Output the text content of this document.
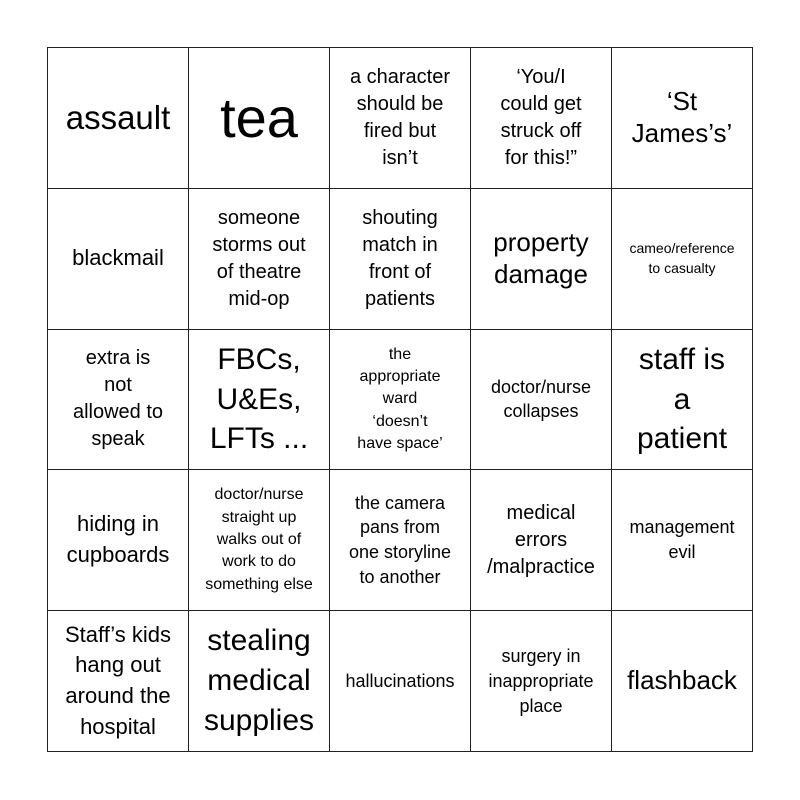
assault tea
a character
should be
fired but
isn’t
‘You/I
could get
struck off
for this!”
‘St
James’s’
blackmail
someone
storms out
of theatre
mid-op
shouting
match in
front of
patients
property
damage
cameo/reference
to casualty
extra is
not
allowed to
speak
FBCs,
U&Es,
LFTs ...
the
appropriate
ward
‘doesn’t
have space’
doctor/nurse
collapses
staff is
a
patient
hiding in
cupboards
doctor/nurse
straight up
walks out of
work to do
something else
the camera
pans from
one storyline
to another
medical
errors
/malpractice
management
evil
Staff’s kids
hang out
around the
hospital
stealing
medical
supplies
hallucinations
surgery in
inappropriate
place
flashback
